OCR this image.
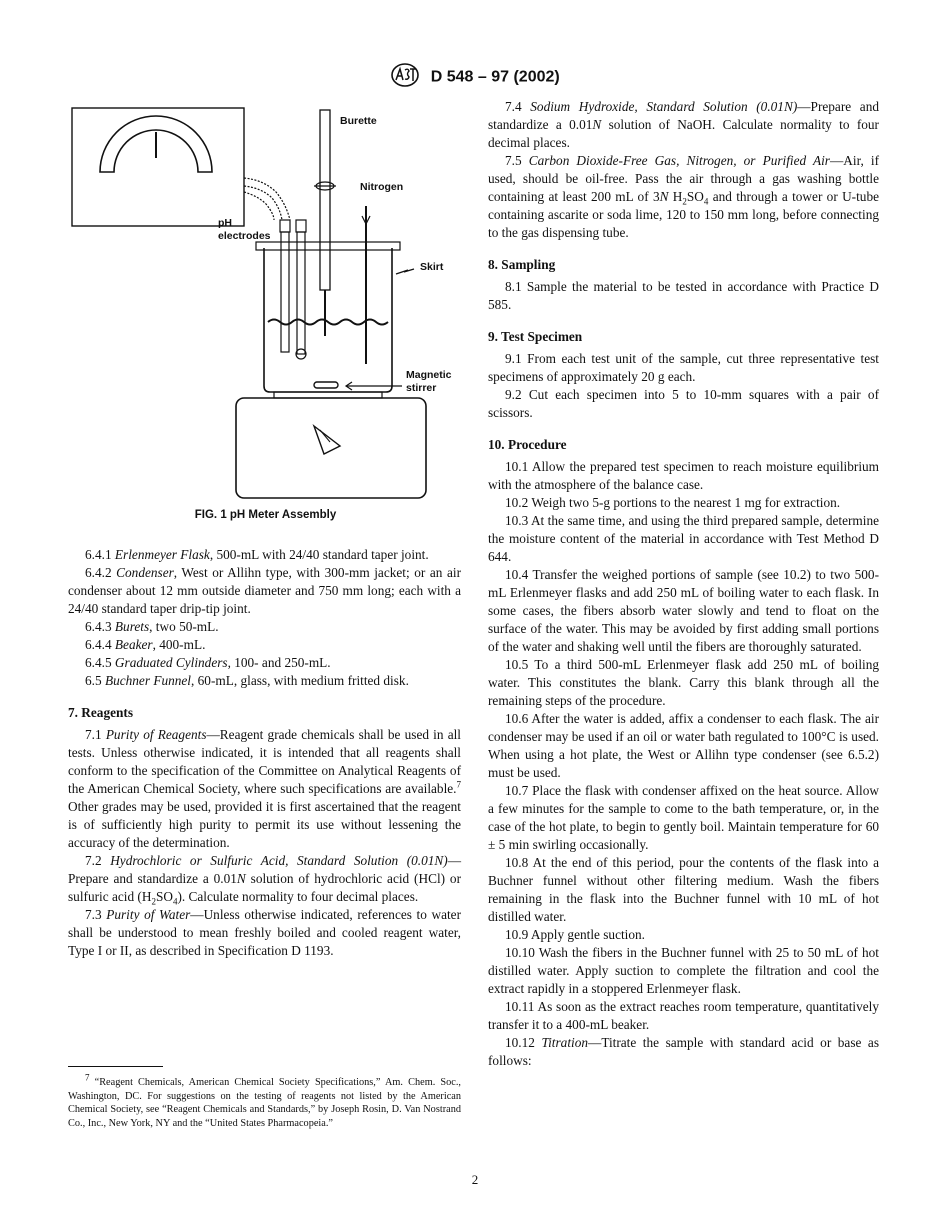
D 548 – 97 (2002)
Burette
Nitrogen
pH
electrodes
Skirt
Magnetic
stirrer
FIG. 1 pH Meter Assembly

6.4.1 Erlenmeyer Flask, 500-mL with 24/40 standard taper joint.

6.4.2 Condenser, West or Allihn type, with 300-mm jacket; or an air condenser about 12 mm outside diameter and 750 mm long; each with a 24/40 standard taper drip-tip joint.

6.4.3 Burets, two 50-mL.

6.4.4 Beaker, 400-mL.

6.4.5 Graduated Cylinders, 100- and 250-mL.

6.5 Buchner Funnel, 60-mL, glass, with medium fritted disk.

7. Reagents

7.1 Purity of Reagents—Reagent grade chemicals shall be used in all tests. Unless otherwise indicated, it is intended that all reagents shall conform to the specification of the Committee on Analytical Reagents of the American Chemical Society, where such specifications are available.$^7$ Other grades may be used, provided it is first ascertained that the reagent is of sufficiently high purity to permit its use without lessening the accuracy of the determination.

7.2 Hydrochloric or Sulfuric Acid, Standard Solution (0.01N)—Prepare and standardize a 0.01N solution of hydrochloric acid (HCl) or sulfuric acid $(H_2SO_4)$. Calculate normality to four decimal places.

7.3 Purity of Water—Unless otherwise indicated, references to water shall be understood to mean freshly boiled and cooled reagent water, Type I or II, as described in Specification D 1193.

$^7$ “Reagent Chemicals, American Chemical Society Specifications,” Am. Chem. Soc., Washington, DC. For suggestions on the testing of reagents not listed by the American Chemical Society, see “Reagent Chemicals and Standards,” by Joseph Rosin, D. Van Nostrand Co., Inc., New York, NY and the “United States Pharmacopeia.”

7.4 Sodium Hydroxide, Standard Solution (0.01N)—Prepare and standardize a 0.01N solution of NaOH. Calculate normality to four decimal places.

7.5 Carbon Dioxide-Free Gas, Nitrogen, or Purified Air—Air, if used, should be oil-free. Pass the air through a gas washing bottle containing at least 200 mL of 3N $H_2SO_4$ and through a tower or U-tube containing ascarite or soda lime, 120 to 150 mm long, before connecting to the gas dispensing tube.

8. Sampling

8.1 Sample the material to be tested in accordance with Practice D 585.

9. Test Specimen

9.1 From each test unit of the sample, cut three representative test specimens of approximately 20 g each.

9.2 Cut each specimen into 5 to 10-mm squares with a pair of scissors.

10. Procedure

10.1 Allow the prepared test specimen to reach moisture equilibrium with the atmosphere of the balance case.

10.2 Weigh two 5-g portions to the nearest 1 mg for extraction.

10.3 At the same time, and using the third prepared sample, determine the moisture content of the material in accordance with Test Method D 644.

10.4 Transfer the weighed portions of sample (see 10.2) to two 500-mL Erlenmeyer flasks and add 250 mL of boiling water to each flask. In some cases, the fibers absorb water slowly and tend to float on the surface of the water. This may be avoided by first adding small portions of the water and shaking well until the fibers are thoroughly saturated.

10.5 To a third 500-mL Erlenmeyer flask add 250 mL of boiling water. This constitutes the blank. Carry this blank through all the remaining steps of the procedure.

10.6 After the water is added, affix a condenser to each flask. The air condenser may be used if an oil or water bath regulated to 100°C is used. When using a hot plate, the West or Allihn type condenser (see 6.5.2) must be used.

10.7 Place the flask with condenser affixed on the heat source. Allow a few minutes for the sample to come to the bath temperature, or, in the case of the hot plate, to begin to gently boil. Maintain temperature for 60 ± 5 min swirling occasionally.

10.8 At the end of this period, pour the contents of the flask into a Buchner funnel without other filtering medium. Wash the fibers remaining in the flask into the Buchner funnel with 10 mL of hot distilled water.

10.9 Apply gentle suction.

10.10 Wash the fibers in the Buchner funnel with 25 to 50 mL of hot distilled water. Apply suction to complete the filtration and cool the extract rapidly in a stoppered Erlenmeyer flask.

10.11 As soon as the extract reaches room temperature, quantitatively transfer it to a 400-mL beaker.

10.12 Titration—Titrate the sample with standard acid or base as follows:

2
